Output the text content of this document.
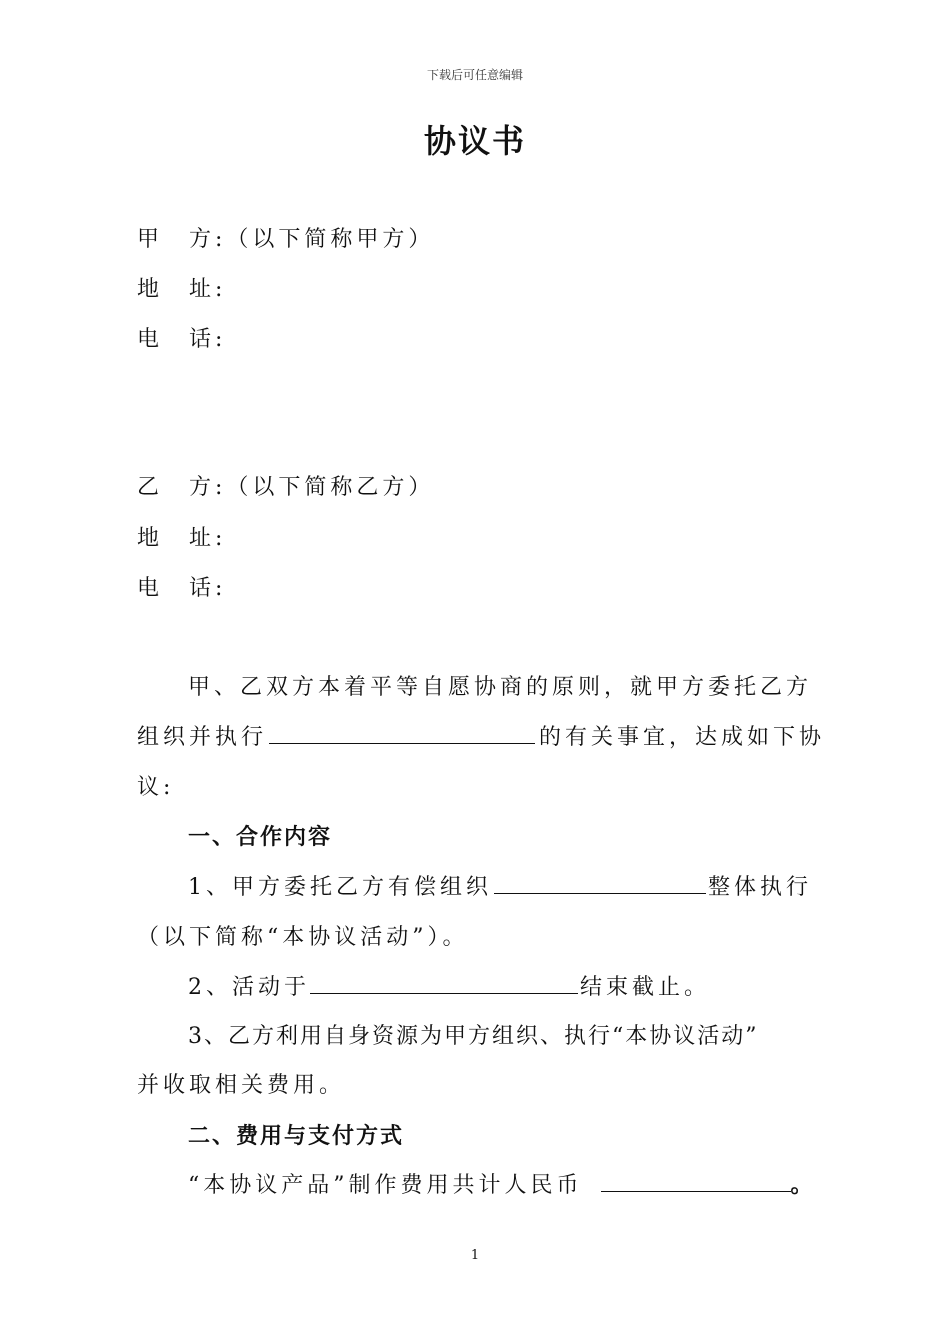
下载后可任意编辑
协议书
甲　方:（以下简称甲方）
地　址:
电　话:
乙　方:（以下简称乙方）
地　址:
电　话:
甲、乙双方本着平等自愿协商的原则，就甲方委托乙方
组织并执行	的有关事宜，达成如下协
议:
一、合作内容
1、甲方委托乙方有偿组织	整体执行
（以下简称“本协议活动”）。
2、活动于	结束截止。
3、乙方利用自身资源为甲方组织、执行“本协议活动”
并收取相关费用。
二、费用与支付方式
“本协议产品”制作费用共计人民币	。
1
